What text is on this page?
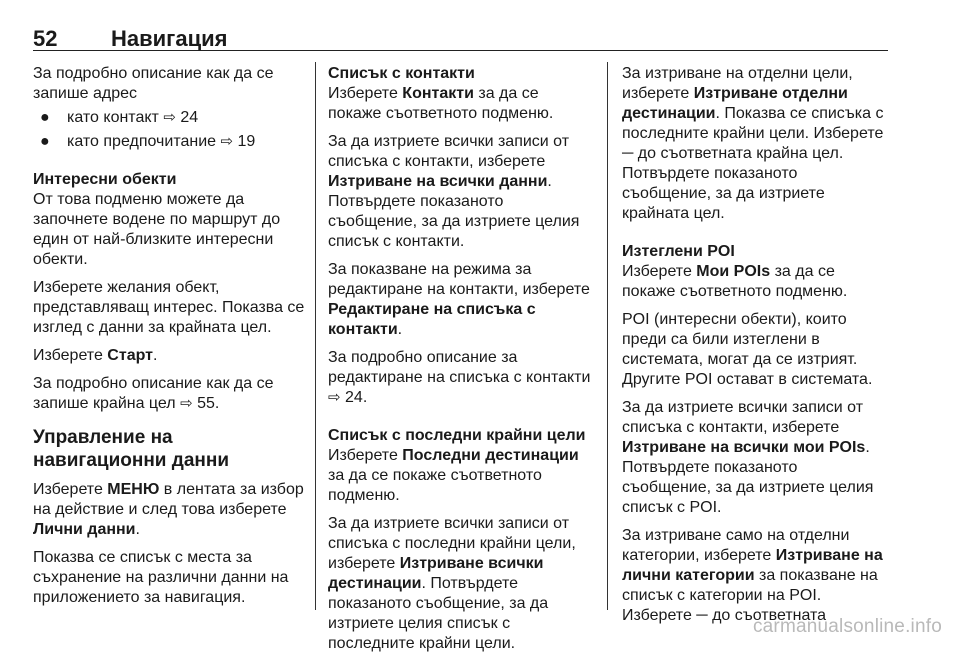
52 Навигация

За подробно описание как да се запише адрес

● като контакт ⇨ 24
● като предпочитание ⇨ 19
Интересни обекти

От това подменю можете да започнете водене по маршрут до един от най-близките интересни обекти.

Изберете желания обект, представляващ интерес. Показва се изглед с данни за крайната цел.

Изберете Старт.

За подробно описание как да се запише крайна цел ⇨ 55.

Управление на навигационни данни

Изберете МЕНЮ в лентата за избор на действие и след това изберете Лични данни.

Показва се списък с места за съхранение на различни данни на приложението за навигация.

Списък с контакти

Изберете Контакти за да се покаже съответното подменю.

За да изтриете всички записи от списъка с контакти, изберете Изтриване на всички данни. Потвърдете показаното съобщение, за да изтриете целия списък с контакти.

За показване на режима за редактиране на контакти, изберете Редактиране на списъка с контакти.

За подробно описание за редактиране на списъка с контакти ⇨ 24.

Списък с последни крайни цели

Изберете Последни дестинации за да се покаже съответното подменю.

За да изтриете всички записи от списъка с последни крайни цели, изберете Изтриване всички дестинации. Потвърдете показаното съобщение, за да изтриете целия списък с последните крайни цели.

За изтриване на отделни цели, изберете Изтриване отделни дестинации. Показва се списъка с последните крайни цели. Изберете ─ до съответната крайна цел. Потвърдете показаното съобщение, за да изтриете крайната цел.

Изтеглени POI

Изберете Мои POIs за да се покаже съответното подменю.

POI (интересни обекти), които преди са били изтеглени в системата, могат да се изтрият. Другите POI остават в системата.

За да изтриете всички записи от списъка с контакти, изберете Изтриване на всички мои POIs. Потвърдете показаното съобщение, за да изтриете целия списък с POI.

За изтриване само на отделни категории, изберете Изтриване на лични категории за показване на списък с категории на POI. Изберете ─ до съответната

carmanualsonline.info
